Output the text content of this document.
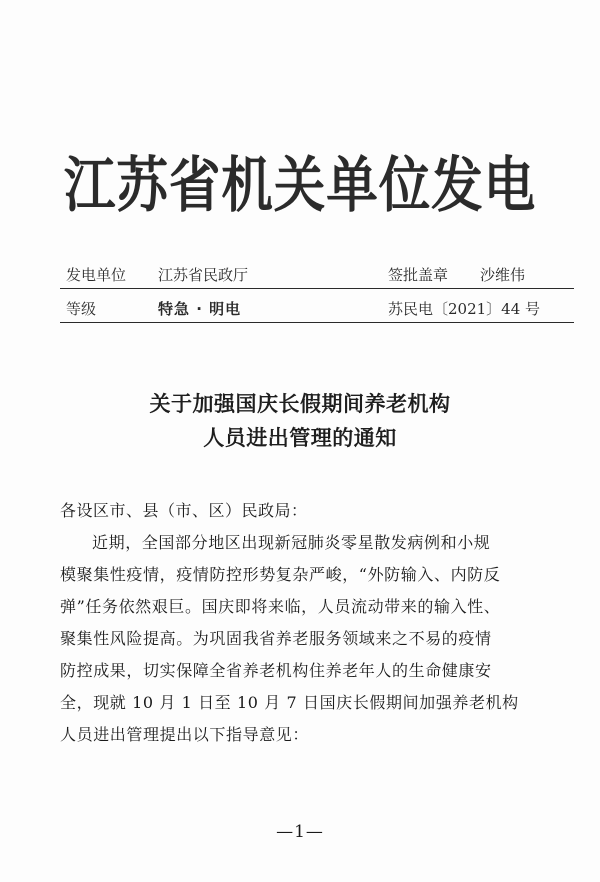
江苏省机关单位发电
发电单位 江苏省民政厅	签批盖章 沙维伟
等级	特急 · 明电	苏民电〔2021〕44 号
关于加强国庆长假期间养老机构
人员进出管理的通知
各设区市、县（市、区）民政局：
近期，全国部分地区出现新冠肺炎零星散发病例和小规
模聚集性疫情，疫情防控形势复杂严峻，“外防输入、内防反
弹”任务依然艰巨。国庆即将来临，人员流动带来的输入性、
聚集性风险提高。为巩固我省养老服务领域来之不易的疫情
防控成果，切实保障全省养老机构住养老年人的生命健康安
全，现就 10 月 1 日至 10 月 7 日国庆长假期间加强养老机构
人员进出管理提出以下指导意见：
—1—
